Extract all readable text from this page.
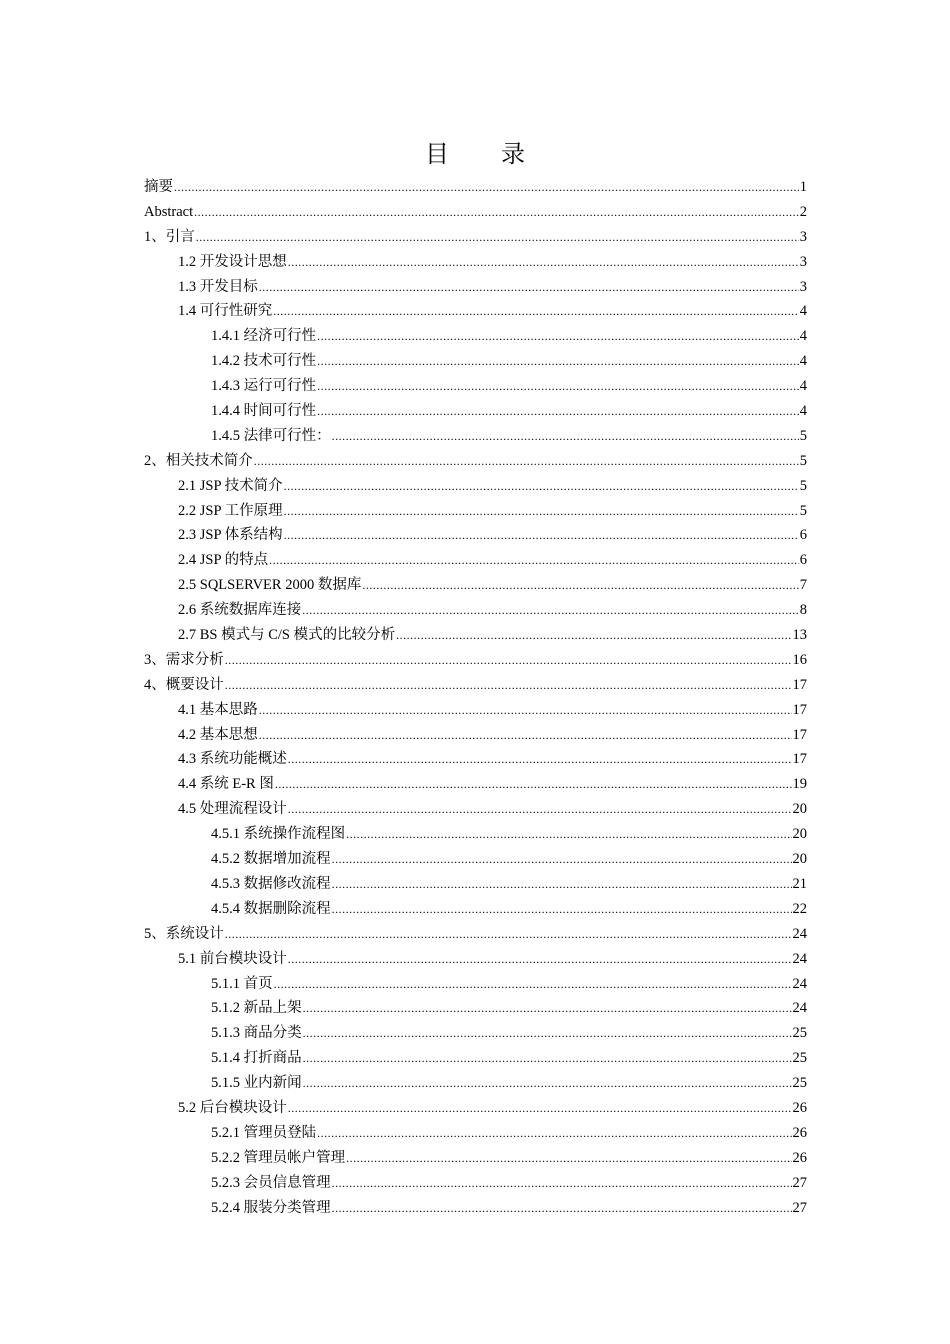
目 录
摘要 .....	1
Abstract .....	2
1、引言 .....	3
1.2 开发设计思想 .....	3
1.3 开发目标 .....	3
1.4 可行性研究 .....	4
1.4.1 经济可行性 .....	4
1.4.2 技术可行性 .....	4
1.4.3 运行可行性 .....	4
1.4.4 时间可行性 .....	4
1.4.5 法律可行性： .....	5
2、相关技术简介 .....	5
2.1 JSP 技术简介 .....	5
2.2 JSP 工作原理 .....	5
2.3 JSP 体系结构 .....	6
2.4 JSP 的特点 .....	6
2.5 SQLSERVER 2000 数据库 .....	7
2.6 系统数据库连接 .....	8
2.7 BS 模式与 C/S 模式的比较分析 .....	13
3、需求分析 .....	16
4、概要设计 .....	17
4.1 基本思路 .....	17
4.2 基本思想 .....	17
4.3 系统功能概述 .....	17
4.4 系统 E-R 图 .....	19
4.5 处理流程设计 .....	20
4.5.1 系统操作流程图 .....	20
4.5.2 数据增加流程 .....	20
4.5.3 数据修改流程 .....	21
4.5.4 数据删除流程 .....	22
5、系统设计 .....	24
5.1 前台模块设计 .....	24
5.1.1 首页 .....	24
5.1.2 新品上架 .....	24
5.1.3 商品分类 .....	25
5.1.4 打折商品 .....	25
5.1.5 业内新闻 .....	25
5.2 后台模块设计 .....	26
5.2.1 管理员登陆 .....	26
5.2.2 管理员帐户管理 .....	26
5.2.3 会员信息管理 .....	27
5.2.4 服装分类管理 .....	27
